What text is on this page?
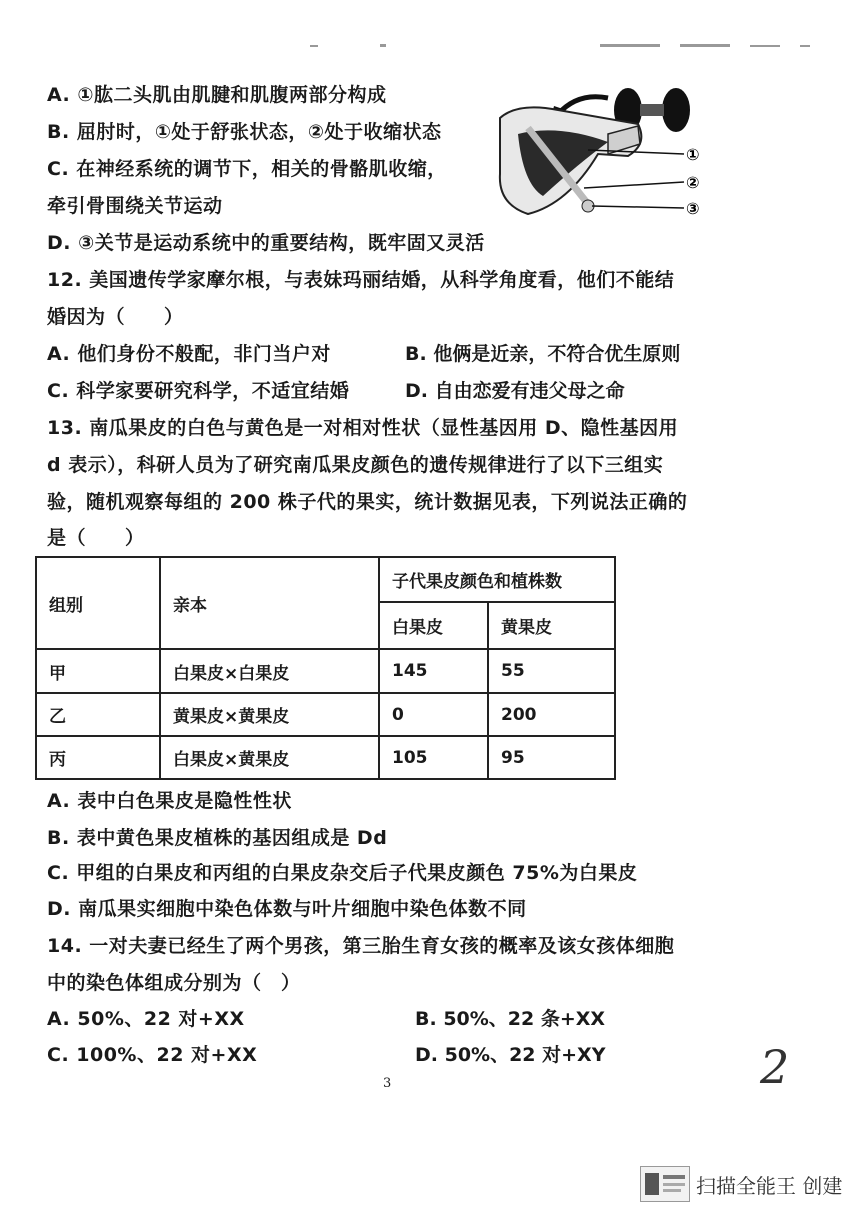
A. ①肱二头肌由肌腱和肌腹两部分构成
B. 屈肘时，①处于舒张状态，②处于收缩状态
C. 在神经系统的调节下，相关的骨骼肌收缩，
牵引骨围绕关节运动
D. ③关节是运动系统中的重要结构，既牢固又灵活
①
②
③
12. 美国遗传学家摩尔根，与表妹玛丽结婚，从科学角度看，他们不能结
婚因为（　　）
A. 他们身份不般配，非门当户对	B. 他俩是近亲，不符合优生原则
C. 科学家要研究科学，不适宜结婚	D. 自由恋爱有违父母之命
13. 南瓜果皮的白色与黄色是一对相对性状（显性基因用 D、隐性基因用
d 表示），科研人员为了研究南瓜果皮颜色的遗传规律进行了以下三组实
验，随机观察每组的 200 株子代的果实，统计数据见表，下列说法正确的
是（　　）
组别	亲本	子代果皮颜色和植株数	
		白果皮	黄果皮
甲	白果皮×白果皮	145	55
乙	黄果皮×黄果皮	0	200
丙	白果皮×黄果皮	105	95
A. 表中白色果皮是隐性性状
B. 表中黄色果皮植株的基因组成是 Dd
C. 甲组的白果皮和丙组的白果皮杂交后子代果皮颜色 75%为白果皮
D. 南瓜果实细胞中染色体数与叶片细胞中染色体数不同
14. 一对夫妻已经生了两个男孩，第三胎生育女孩的概率及该女孩体细胞
中的染色体组成分别为（　）
A. 50%、22 对+XX	B. 50%、22 条+XX
C. 100%、22 对+XX	D. 50%、22 对+XY
3	2
扫描全能王 创建
